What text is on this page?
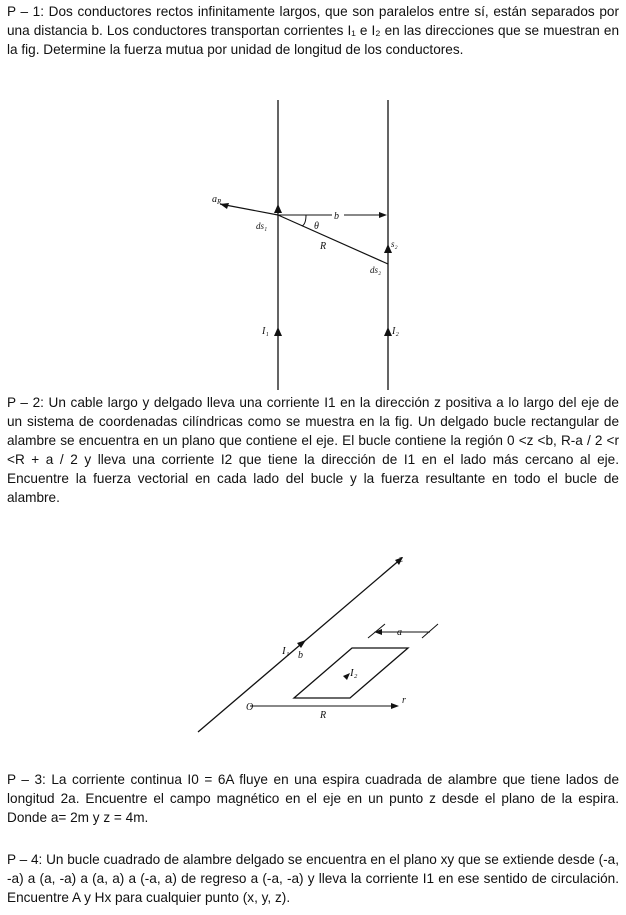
P – 1: Dos conductores rectos infinitamente largos, que son paralelos entre sí, están separados por una distancia b. Los conductores transportan corrientes I₁ e I₂ en las direcciones que se muestran en la fig. Determine la fuerza mutua por unidad de longitud de los conductores.

$a_R$
ds₁	θ
b
R	s₂
ds₂
I₁	I₂

P – 2: Un cable largo y delgado lleva una corriente I1 en la dirección z positiva a lo largo del eje de un sistema de coordenadas cilíndricas como se muestra en la fig. Un delgado bucle rectangular de alambre se encuentra en un plano que contiene el eje. El bucle contiene la región 0 <z <b, R-a / 2 <r <R + a / 2 y lleva una corriente I2 que tiene la dirección de I1 en el lado más cercano al eje. Encuentre la fuerza vectorial en cada lado del bucle y la fuerza resultante en todo el bucle de alambre.

z
I₁ b
I₂
a
r
O
R

P – 3: La corriente continua I0 = 6A fluye en una espira cuadrada de alambre que tiene lados de longitud 2a. Encuentre el campo magnético en el eje en un punto z desde el plano de la espira. Donde a= 2m y z = 4m.

P – 4: Un bucle cuadrado de alambre delgado se encuentra en el plano xy que se extiende desde (-a, -a) a (a, -a) a (a, a) a (-a, a) de regreso a (-a, -a) y lleva la corriente I1 en ese sentido de circulación. Encuentre A y Hx para cualquier punto (x, y, z).
